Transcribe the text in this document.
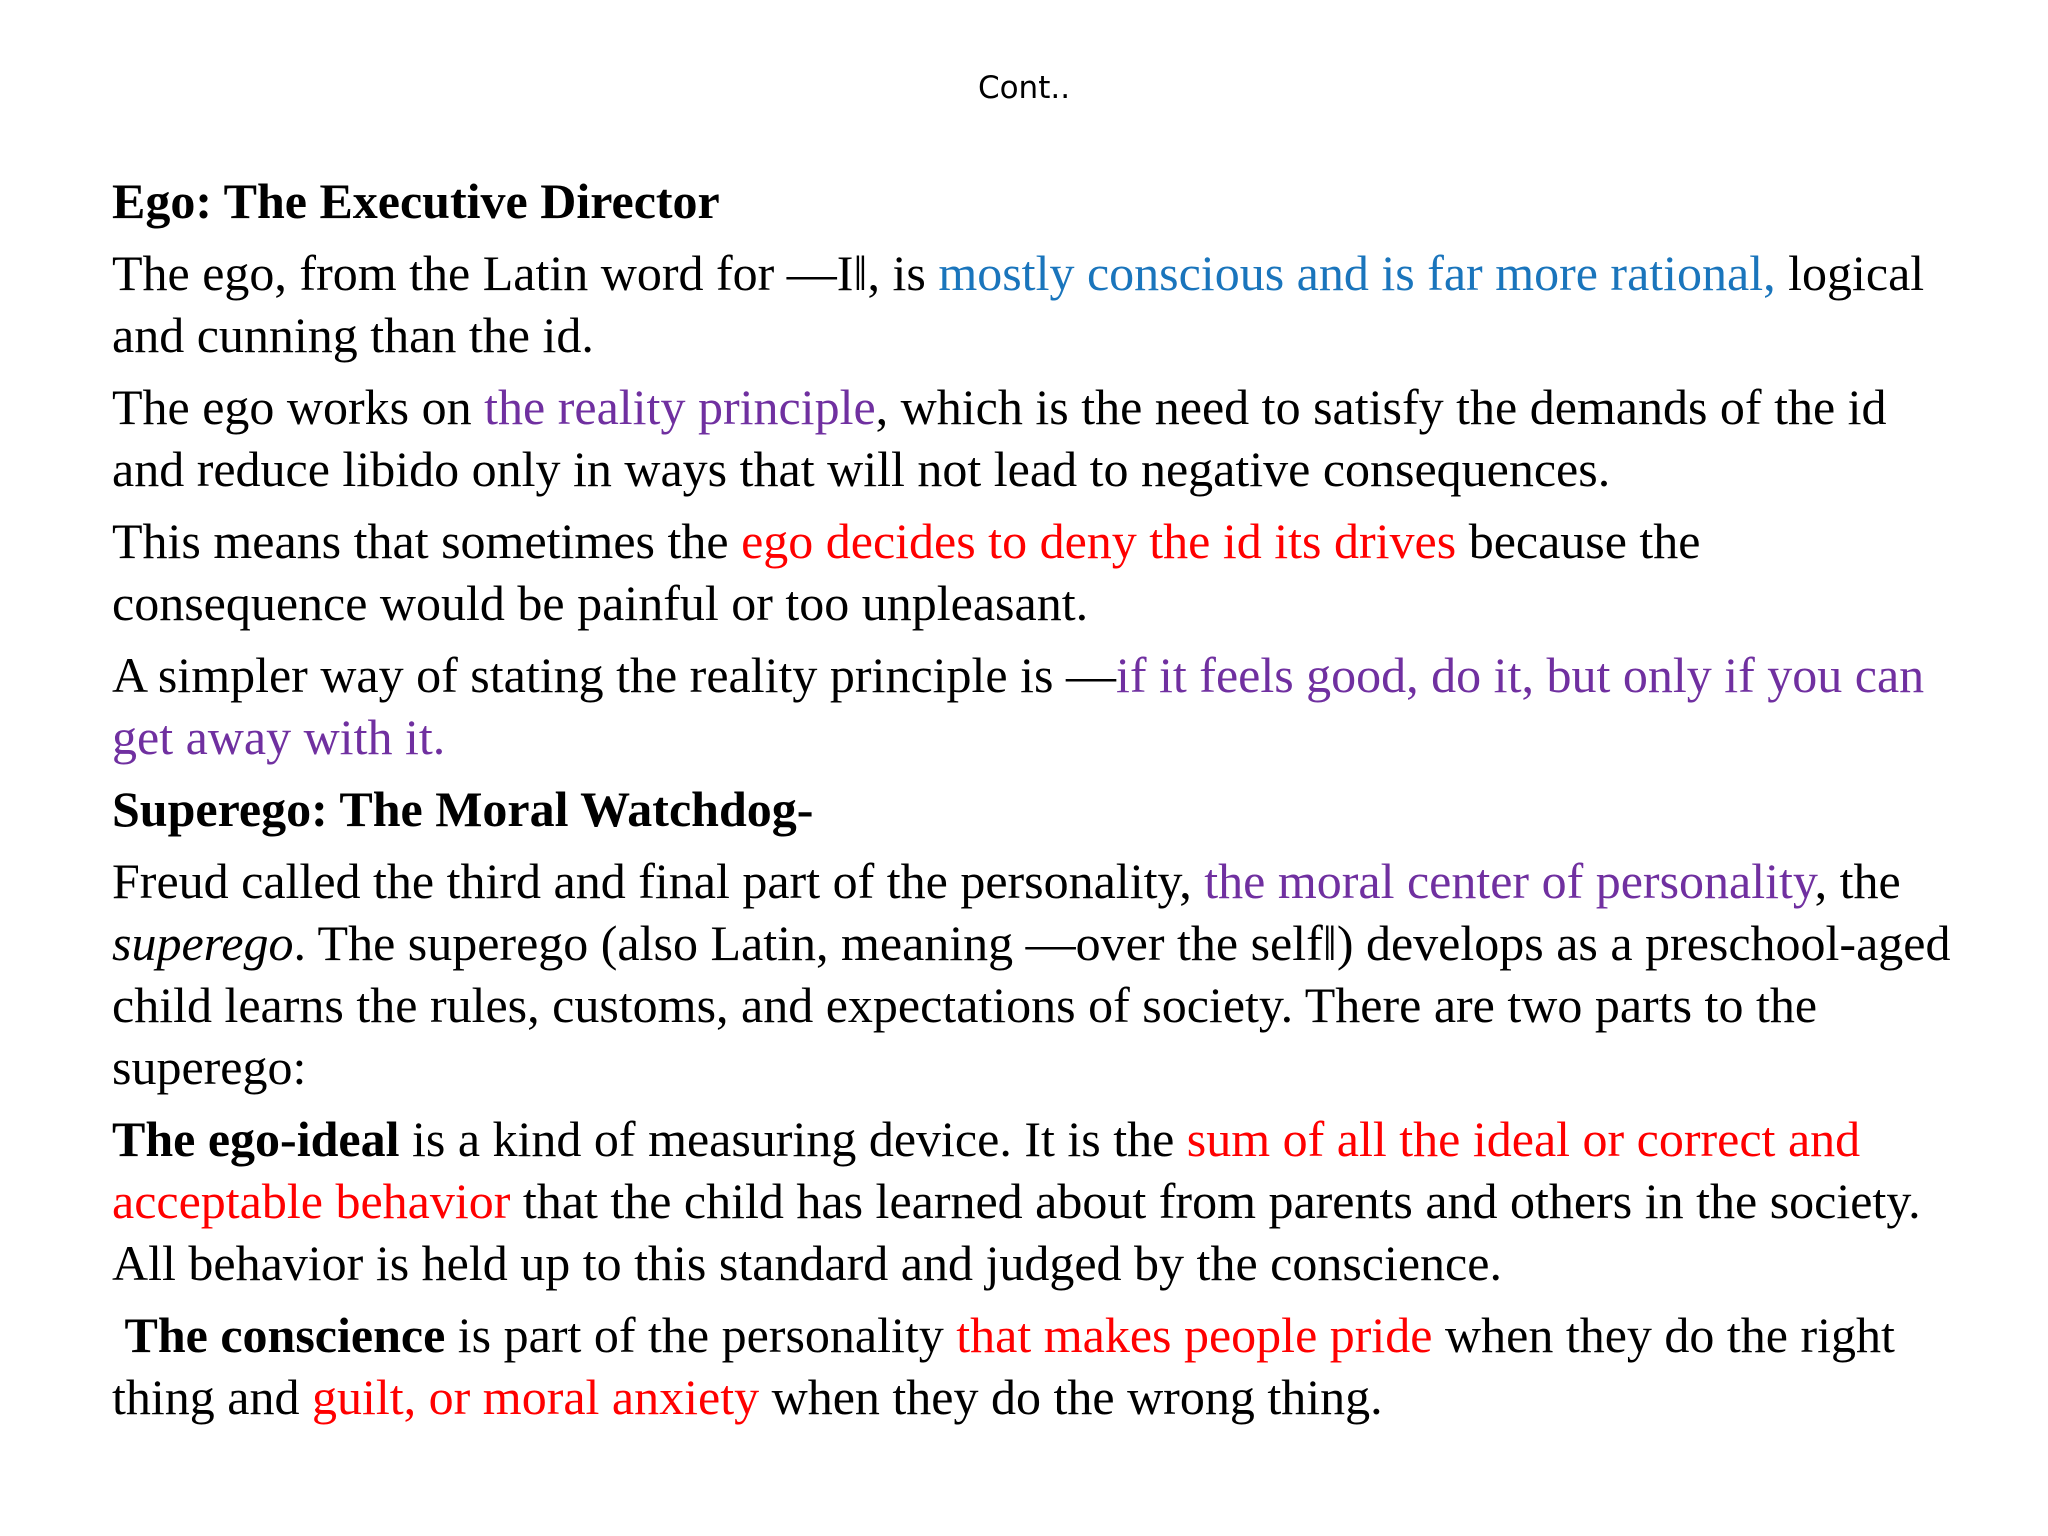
Cont..

Ego: The Executive Director

The ego, from the Latin word for —I‖, is mostly conscious and is far more rational, logical and cunning than the id.

The ego works on the reality principle, which is the need to satisfy the demands of the id and reduce libido only in ways that will not lead to negative consequences.

This means that sometimes the ego decides to deny the id its drives because the consequence would be painful or too unpleasant.

A simpler way of stating the reality principle is —if it feels good, do it, but only if you can get away with it.

Superego: The Moral Watchdog-

Freud called the third and final part of the personality, the moral center of personality, the superego. The superego (also Latin, meaning —over the self‖) develops as a preschool-aged child learns the rules, customs, and expectations of society. There are two parts to the superego:

The ego-ideal is a kind of measuring device. It is the sum of all the ideal or correct and acceptable behavior that the child has learned about from parents and others in the society. All behavior is held up to this standard and judged by the conscience.

The conscience is part of the personality that makes people pride when they do the right thing and guilt, or moral anxiety when they do the wrong thing.
